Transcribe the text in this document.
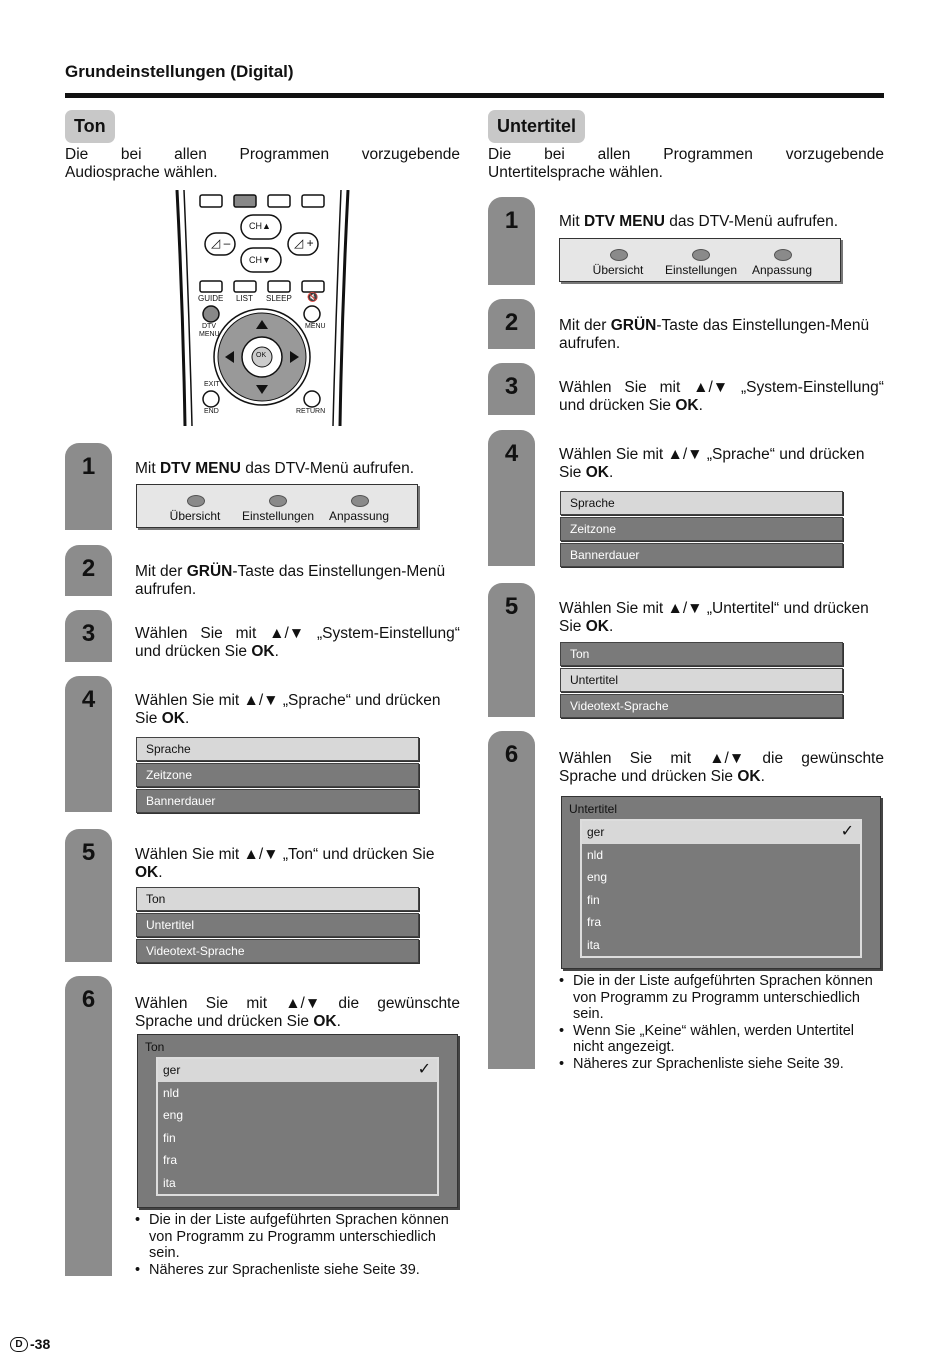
Grundeinstellungen (Digital)
Ton
Die bei allen Programmen vorzugebende
Audiosprache wählen.
CH▲
CH▼
◿ –	◿ +
GUIDE LIST SLEEP 🔇
DTV
MENU
MENU
OK
EXIT
END	RETURN
1	Mit DTV MENU das DTV-Menü aufrufen.
Übersicht	Einstellungen	Anpassung
2	Mit der GRÜN-Taste das Einstellungen-Menü aufrufen.
3	Wählen Sie mit ▲/▼ „System-Einstellung“
und drücken Sie OK.
4	Wählen Sie mit ▲/▼ „Sprache“ und drücken Sie OK.
Sprache
Zeitzone
Bannerdauer
5	Wählen Sie mit ▲/▼ „Ton“ und drücken Sie OK.
Ton
Untertitel
Videotext-Sprache
6	Wählen Sie mit ▲/▼ die gewünschte
Sprache und drücken Sie OK.
Ton
ger	✓
nld
eng
fin
fra
ita
• Die in der Liste aufgeführten Sprachen können von Programm zu Programm unterschiedlich sein.
• Näheres zur Sprachenliste siehe Seite 39.
Untertitel
Die bei allen Programmen vorzugebende
Untertitelsprache wählen.
1	Mit DTV MENU das DTV-Menü aufrufen.
Übersicht	Einstellungen	Anpassung
2	Mit der GRÜN-Taste das Einstellungen-Menü aufrufen.
3	Wählen Sie mit ▲/▼ „System-Einstellung“
und drücken Sie OK.
4	Wählen Sie mit ▲/▼ „Sprache“ und drücken Sie OK.
Sprache
Zeitzone
Bannerdauer
5	Wählen Sie mit ▲/▼ „Untertitel“ und drücken Sie OK.
Ton
Untertitel
Videotext-Sprache
6	Wählen Sie mit ▲/▼ die gewünschte
Sprache und drücken Sie OK.
Untertitel
ger	✓
nld
eng
fin
fra
ita
• Die in der Liste aufgeführten Sprachen können von Programm zu Programm unterschiedlich sein.
• Wenn Sie „Keine“ wählen, werden Untertitel nicht angezeigt.
• Näheres zur Sprachenliste siehe Seite 39.
D -38
